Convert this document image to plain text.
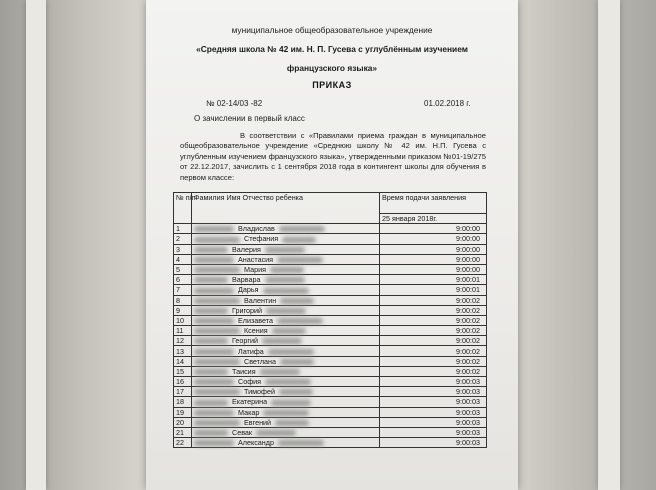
муниципальное общеобразовательное учреждение
«Средняя школа № 42 им. Н. П. Гусева с углублённым изучением
французского языка»
ПРИКАЗ
№ 02-14/03 -82	01.02.2018 г.
О зачислении в первый класс
В соответствии с «Правилами приема граждан в муниципальное общеобразовательное учреждение «Среднюю школу № 42 им. Н.П. Гусева с углубленным изучением французского языка», утвержденными приказом №01-19/275 от 22.12.2017, зачислить с 1 сентября 2018 года в контингент школы для обучения в первом классе:
№ п/п	Фамилия Имя Отчество ребенка	Время подачи заявления
		25 января 2018г.
1	Владислав	9:00:00
2	Стефания	9:00:00
3	Валерия	9:00:00
4	Анастасия	9:00:00
5	Мария	9:00:00
6	Варвара	9:00:01
7	Дарья	9:00:01
8	Валентин	9:00:02
9	Григорий	9:00:02
10	Елизавета	9:00:02
11	Ксения	9:00:02
12	Георгий	9:00:02
13	Латифа	9:00:02
14	Светлана	9:00:02
15	Таисия	9:00:02
16	София	9:00:03
17	Тимофей	9:00:03
18	Екатерина	9:00:03
19	Макар	9:00:03
20	Евгений	9:00:03
21	Севак	9:00:03
22	Александр	9:00:03
